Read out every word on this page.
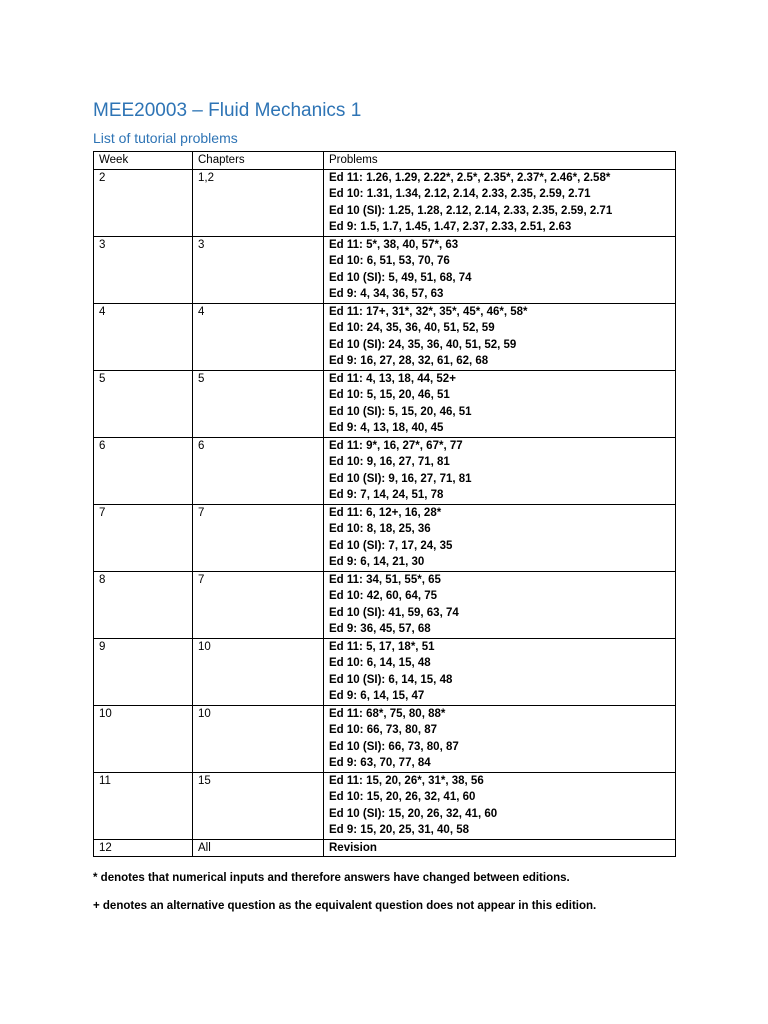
MEE20003 – Fluid Mechanics 1
List of tutorial problems
Week	Chapters	Problems
2	1,2	Ed 11: 1.26, 1.29, 2.22*, 2.5*, 2.35*, 2.37*, 2.46*, 2.58*
Ed 10: 1.31, 1.34, 2.12, 2.14, 2.33, 2.35, 2.59, 2.71
Ed 10 (SI): 1.25, 1.28, 2.12, 2.14, 2.33, 2.35, 2.59, 2.71
Ed 9: 1.5, 1.7, 1.45, 1.47, 2.37, 2.33, 2.51, 2.63

3	3	Ed 11: 5*, 38, 40, 57*, 63
Ed 10: 6, 51, 53, 70, 76
Ed 10 (SI): 5, 49, 51, 68, 74
Ed 9: 4, 34, 36, 57, 63

4	4	Ed 11: 17+, 31*, 32*, 35*, 45*, 46*, 58*
Ed 10: 24, 35, 36, 40, 51, 52, 59
Ed 10 (SI): 24, 35, 36, 40, 51, 52, 59
Ed 9: 16, 27, 28, 32, 61, 62, 68

5	5	Ed 11: 4, 13, 18, 44, 52+
Ed 10: 5, 15, 20, 46, 51
Ed 10 (SI): 5, 15, 20, 46, 51
Ed 9: 4, 13, 18, 40, 45

6	6	Ed 11: 9*, 16, 27*, 67*, 77
Ed 10: 9, 16, 27, 71, 81
Ed 10 (SI): 9, 16, 27, 71, 81
Ed 9: 7, 14, 24, 51, 78

7	7	Ed 11: 6, 12+, 16, 28*
Ed 10: 8, 18, 25, 36
Ed 10 (SI): 7, 17, 24, 35
Ed 9: 6, 14, 21, 30

8	7	Ed 11: 34, 51, 55*, 65
Ed 10: 42, 60, 64, 75
Ed 10 (SI): 41, 59, 63, 74
Ed 9: 36, 45, 57, 68

9	10	Ed 11: 5, 17, 18*, 51
Ed 10: 6, 14, 15, 48
Ed 10 (SI): 6, 14, 15, 48
Ed 9: 6, 14, 15, 47

10	10	Ed 11: 68*, 75, 80, 88*
Ed 10: 66, 73, 80, 87
Ed 10 (SI): 66, 73, 80, 87
Ed 9: 63, 70, 77, 84

11	15	Ed 11: 15, 20, 26*, 31*, 38, 56
Ed 10: 15, 20, 26, 32, 41, 60
Ed 10 (SI): 15, 20, 26, 32, 41, 60
Ed 9: 15, 20, 25, 31, 40, 58

12	All	Revision
* denotes that numerical inputs and therefore answers have changed between editions.
+ denotes an alternative question as the equivalent question does not appear in this edition.
